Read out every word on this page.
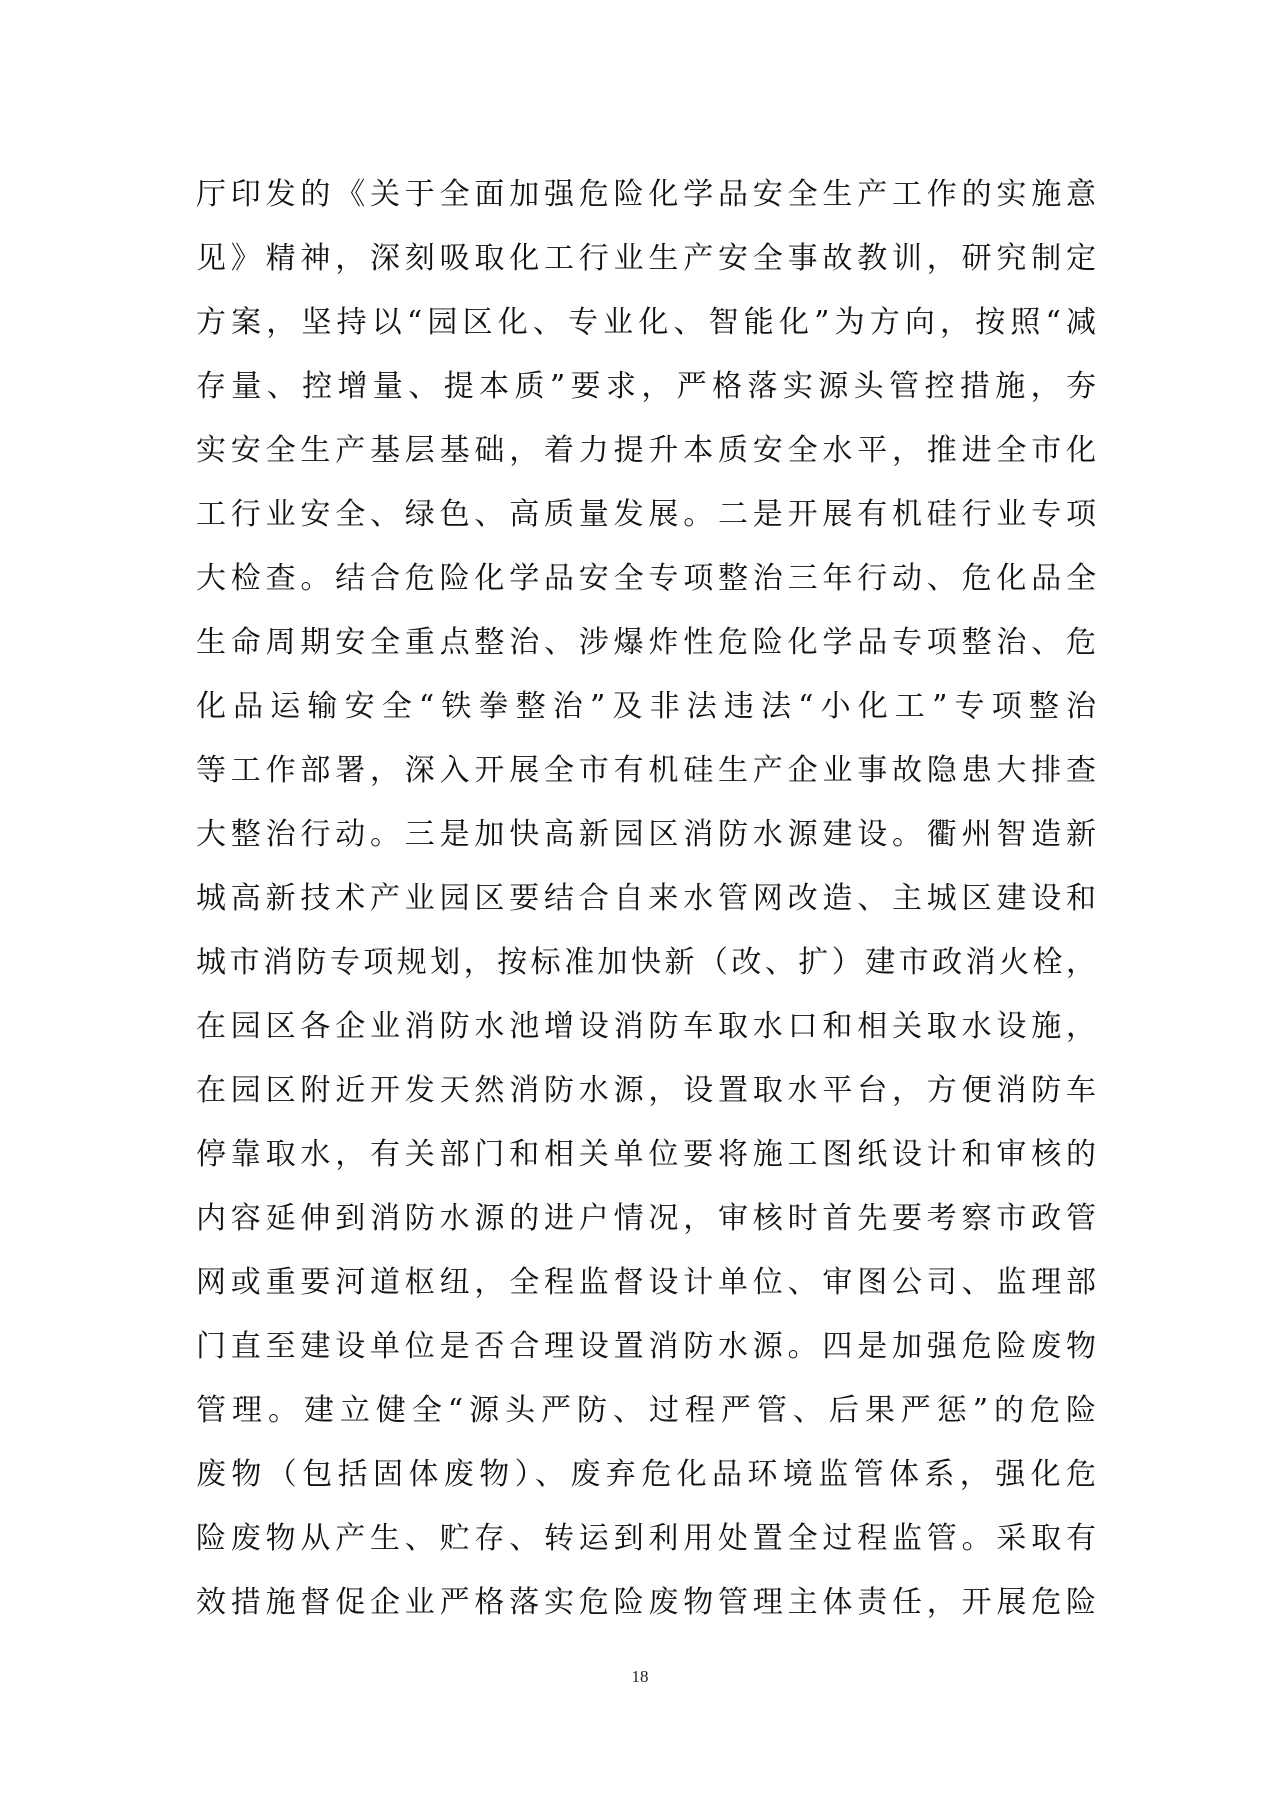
厅印发的《关于全面加强危险化学品安全生产工作的实施意
见》精神，深刻吸取化工行业生产安全事故教训，研究制定
方案，坚持以“园区化、专业化、智能化”为方向，按照“减
存量、控增量、提本质”要求，严格落实源头管控措施，夯
实安全生产基层基础，着力提升本质安全水平，推进全市化
工行业安全、绿色、高质量发展。二是开展有机硅行业专项
大检查。结合危险化学品安全专项整治三年行动、危化品全
生命周期安全重点整治、涉爆炸性危险化学品专项整治、危
化品运输安全“铁拳整治”及非法违法“小化工”专项整治
等工作部署，深入开展全市有机硅生产企业事故隐患大排查
大整治行动。三是加快高新园区消防水源建设。衢州智造新
城高新技术产业园区要结合自来水管网改造、主城区建设和
城市消防专项规划，按标准加快新（改、扩）建市政消火栓，
在园区各企业消防水池增设消防车取水口和相关取水设施，
在园区附近开发天然消防水源，设置取水平台，方便消防车
停靠取水，有关部门和相关单位要将施工图纸设计和审核的
内容延伸到消防水源的进户情况，审核时首先要考察市政管
网或重要河道枢纽，全程监督设计单位、审图公司、监理部
门直至建设单位是否合理设置消防水源。四是加强危险废物
管理。建立健全“源头严防、过程严管、后果严惩”的危险
废物（包括固体废物）、废弃危化品环境监管体系，强化危
险废物从产生、贮存、转运到利用处置全过程监管。采取有
效措施督促企业严格落实危险废物管理主体责任，开展危险
18
